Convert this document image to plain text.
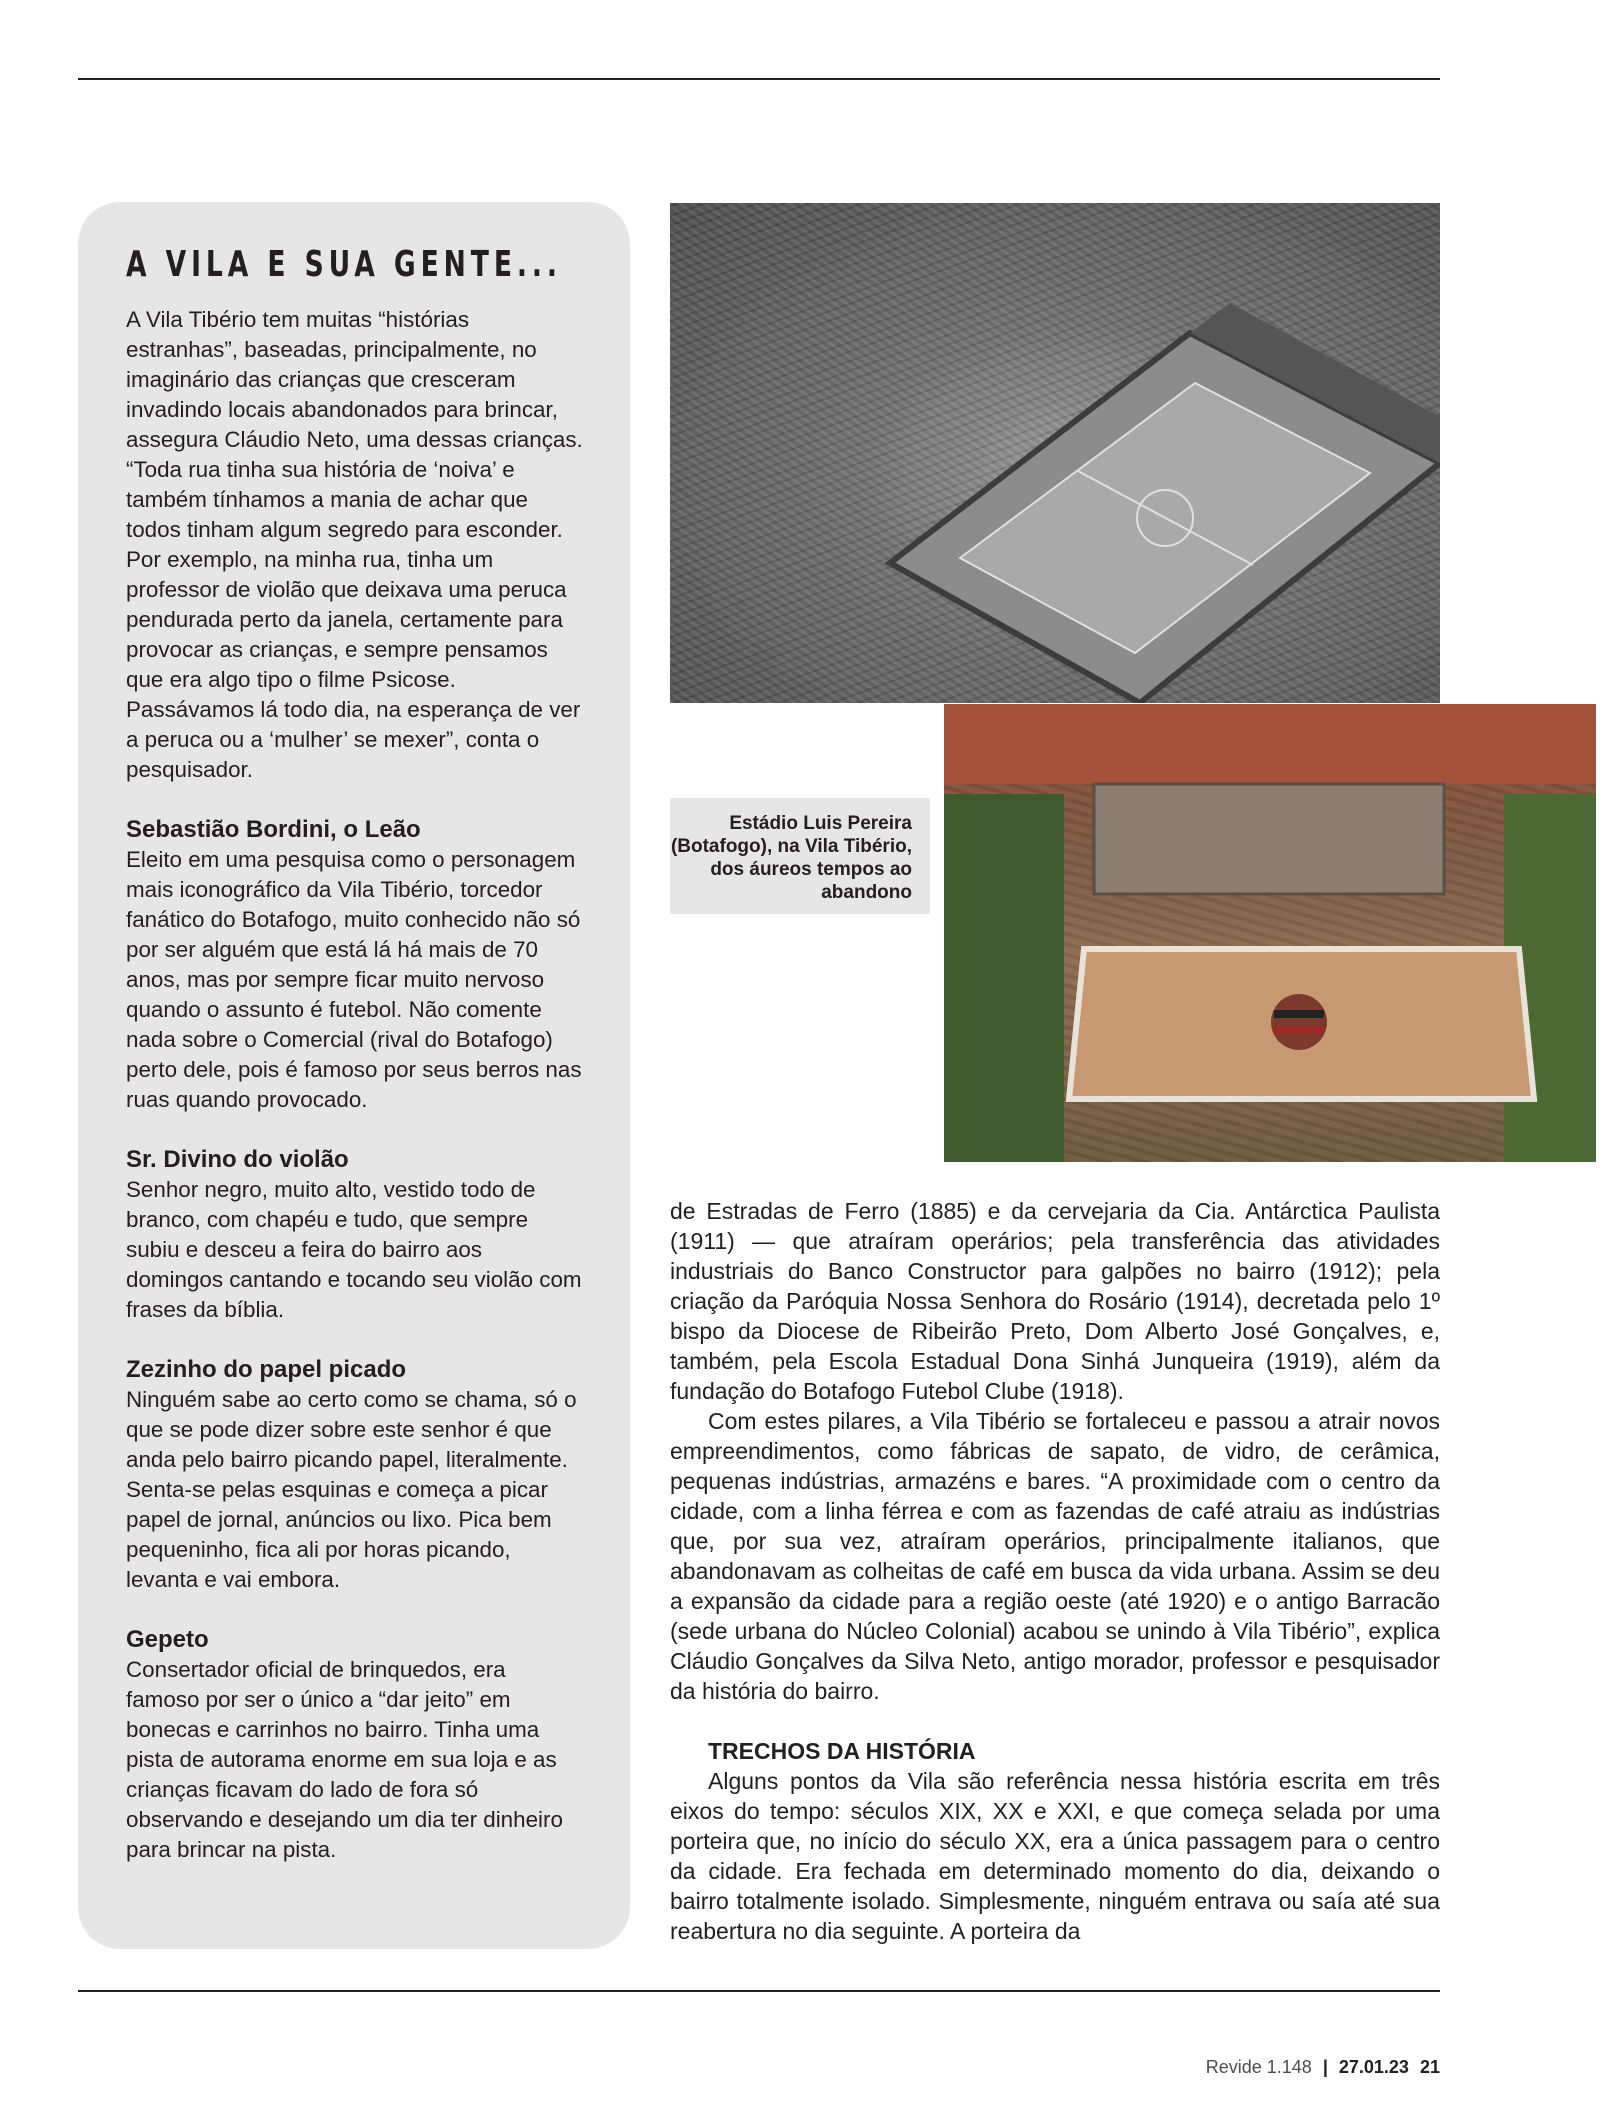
A VILA E SUA GENTE...

A Vila Tibério tem muitas “histórias estranhas”, baseadas, principalmente, no imaginário das crianças que cresceram invadindo locais abandonados para brincar, assegura Cláudio Neto, uma dessas crianças. “Toda rua tinha sua história de ‘noiva’ e também tínhamos a mania de achar que todos tinham algum segredo para esconder. Por exemplo, na minha rua, tinha um professor de violão que deixava uma peruca pendurada perto da janela, certamente para provocar as crianças, e sempre pensamos que era algo tipo o filme Psicose. Passávamos lá todo dia, na esperança de ver a peruca ou a ‘mulher’ se mexer”, conta o pesquisador.

Sebastião Bordini, o Leão

Eleito em uma pesquisa como o personagem mais iconográfico da Vila Tibério, torcedor fanático do Botafogo, muito conhecido não só por ser alguém que está lá há mais de 70 anos, mas por sempre ficar muito nervoso quando o assunto é futebol. Não comente nada sobre o Comercial (rival do Botafogo) perto dele, pois é famoso por seus berros nas ruas quando provocado.

Sr. Divino do violão

Senhor negro, muito alto, vestido todo de branco, com chapéu e tudo, que sempre subiu e desceu a feira do bairro aos domingos cantando e tocando seu violão com frases da bíblia.

Zezinho do papel picado

Ninguém sabe ao certo como se chama, só o que se pode dizer sobre este senhor é que anda pelo bairro picando papel, literalmente. Senta-se pelas esquinas e começa a picar papel de jornal, anúncios ou lixo. Pica bem pequeninho, fica ali por horas picando, levanta e vai embora.

Gepeto

Consertador oficial de brinquedos, era famoso por ser o único a “dar jeito” em bonecas e carrinhos no bairro. Tinha uma pista de autorama enorme em sua loja e as crianças ficavam do lado de fora só observando e desejando um dia ter dinheiro para brincar na pista.

Estádio Luis Pereira (Botafogo), na Vila Tibério, dos áureos tempos ao abandono

de Estradas de Ferro (1885) e da cervejaria da Cia. Antárctica Paulista (1911) — que atraíram operários; pela transferência das atividades industriais do Banco Constructor para galpões no bairro (1912); pela criação da Paróquia Nossa Senhora do Rosário (1914), decretada pelo 1º bispo da Diocese de Ribeirão Preto, Dom Alberto José Gonçalves, e, também, pela Escola Estadual Dona Sinhá Junqueira (1919), além da fundação do Botafogo Futebol Clube (1918).

Com estes pilares, a Vila Tibério se fortaleceu e passou a atrair novos empreendimentos, como fábricas de sapato, de vidro, de cerâmica, pequenas indústrias, armazéns e bares. “A proximidade com o centro da cidade, com a linha férrea e com as fazendas de café atraiu as indústrias que, por sua vez, atraíram operários, principalmente italianos, que abandonavam as colheitas de café em busca da vida urbana. Assim se deu a expansão da cidade para a região oeste (até 1920) e o antigo Barracão (sede urbana do Núcleo Colonial) acabou se unindo à Vila Tibério”, explica Cláudio Gonçalves da Silva Neto, antigo morador, professor e pesquisador da história do bairro.

TRECHOS DA HISTÓRIA

Alguns pontos da Vila são referência nessa história escrita em três eixos do tempo: séculos XIX, XX e XXI, e que começa selada por uma porteira que, no início do século XX, era a única passagem para o centro da cidade. Era fechada em determinado momento do dia, deixando o bairro totalmente isolado. Simplesmente, ninguém entrava ou saía até sua reabertura no dia seguinte. A porteira da

Revide 1.148 | 27.01.23 21
